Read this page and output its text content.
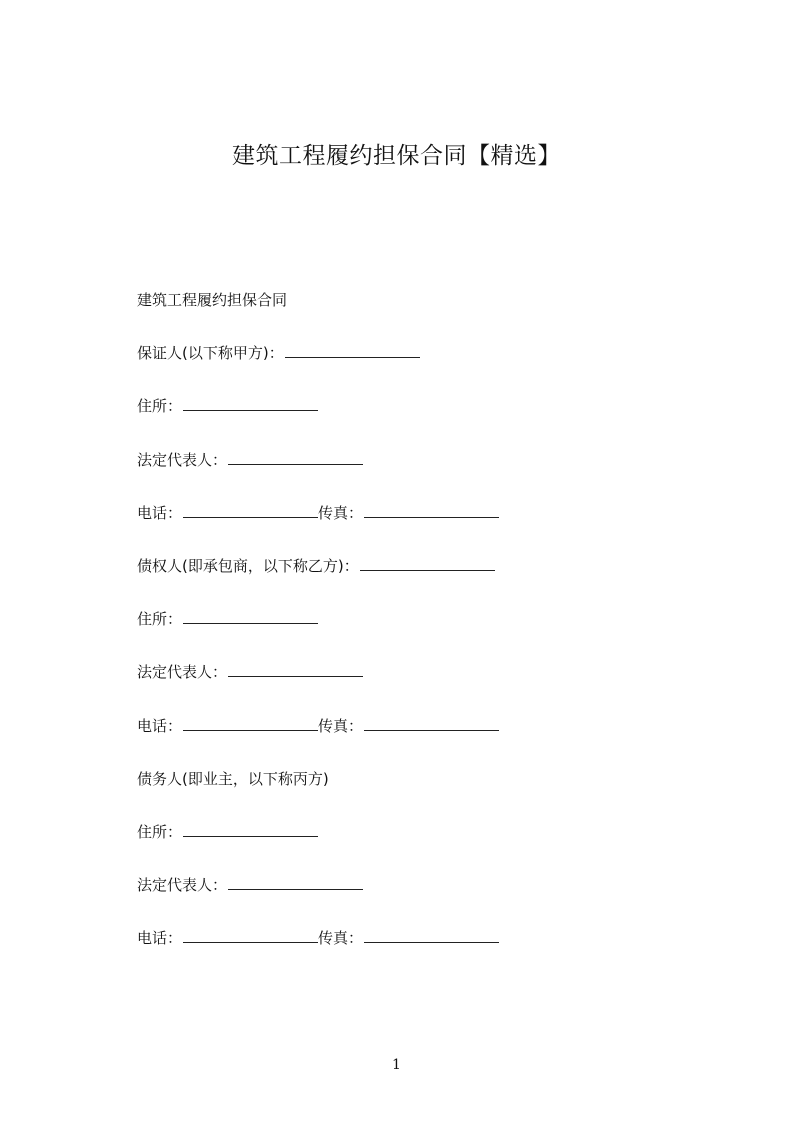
建筑工程履约担保合同【精选】
建筑工程履约担保合同
保证人(以下称甲方)：
住所：
法定代表人：
电话：	传真：
债权人(即承包商，以下称乙方)：
住所：
法定代表人：
电话：	传真：
债务人(即业主，以下称丙方)
住所：
法定代表人：
电话：	传真：
1
